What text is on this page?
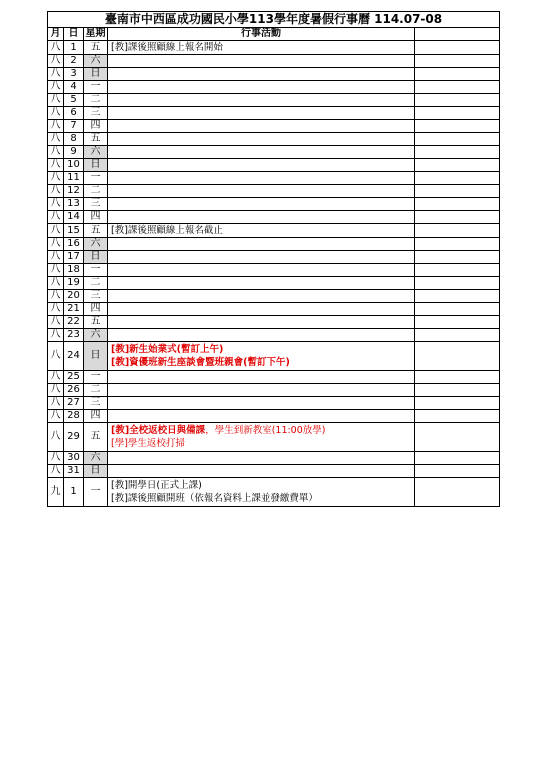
臺南市中西區成功國民小學113學年度暑假行事曆 114.07-08				
月	日	星期	行事活動	
八	1	五	[教]課後照顧線上報名開始	

八	2	六		
八	3	日		
八	4	一		
八	5	二		
八	6	三		
八	7	四		
八	8	五		
八	9	六		
八	10	日		
八	11	一		
八	12	二		
八	13	三		
八	14	四		
八	15	五	[教]課後照顧線上報名截止	

八	16	六		
八	17	日		
八	18	一		
八	19	二		
八	20	三		
八	21	四		
八	22	五		
八	23	六		
八	24	日	[教]新生始業式(暫訂上午)
[教]資優班新生座談會暨班親會(暫訂下午)	

八	25	一		
八	26	二		
八	27	三		
八	28	四		
八	29	五	[教]全校返校日與備課，學生到新教室(11:00放學)
[學]學生返校打掃	

八	30	六		
八	31	日		
九	1	一	[教]開學日(正式上課)
[教]課後照顧開班（依報名資料上課並發繳費單）	
